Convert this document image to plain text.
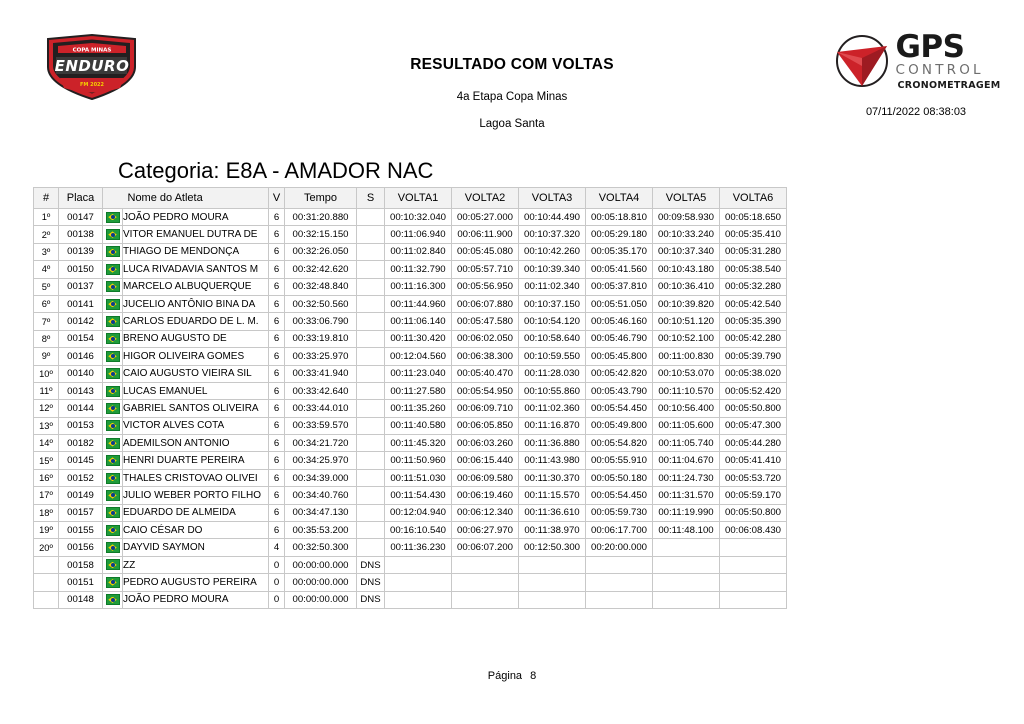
COPA MINAS
ENDURO
FM 2022
RESULTADO COM VOLTAS
4a Etapa Copa Minas
Lagoa Santa
GPS
CONTROL
CRONOMETRAGEM
07/11/2022 08:38:03
Categoria: E8A - AMADOR NAC
#	Placa		Nome do Atleta	V	Tempo	S	VOLTA1	VOLTA2	VOLTA3	VOLTA4	VOLTA5	VOLTA6
1º	00147		JOÃO PEDRO MOURA	6	00:31:20.880		00:10:32.040	00:05:27.000	00:10:44.490	00:05:18.810	00:09:58.930	00:05:18.650
2º	00138		VITOR EMANUEL DUTRA DE	6	00:32:15.150		00:11:06.940	00:06:11.900	00:10:37.320	00:05:29.180	00:10:33.240	00:05:35.410
3º	00139		THIAGO DE MENDONÇA	6	00:32:26.050		00:11:02.840	00:05:45.080	00:10:42.260	00:05:35.170	00:10:37.340	00:05:31.280
4º	00150		LUCA RIVADAVIA SANTOS M	6	00:32:42.620		00:11:32.790	00:05:57.710	00:10:39.340	00:05:41.560	00:10:43.180	00:05:38.540
5º	00137		MARCELO ALBUQUERQUE	6	00:32:48.840		00:11:16.300	00:05:56.950	00:11:02.340	00:05:37.810	00:10:36.410	00:05:32.280
6º	00141		JUCELIO ANTÔNIO BINA DA	6	00:32:50.560		00:11:44.960	00:06:07.880	00:10:37.150	00:05:51.050	00:10:39.820	00:05:42.540
7º	00142		CARLOS EDUARDO DE L. M.	6	00:33:06.790		00:11:06.140	00:05:47.580	00:10:54.120	00:05:46.160	00:10:51.120	00:05:35.390
8º	00154		BRENO AUGUSTO DE	6	00:33:19.810		00:11:30.420	00:06:02.050	00:10:58.640	00:05:46.790	00:10:52.100	00:05:42.280
9º	00146		HIGOR OLIVEIRA GOMES	6	00:33:25.970		00:12:04.560	00:06:38.300	00:10:59.550	00:05:45.800	00:11:00.830	00:05:39.790
10º	00140		CAIO AUGUSTO VIEIRA SIL	6	00:33:41.940		00:11:23.040	00:05:40.470	00:11:28.030	00:05:42.820	00:10:53.070	00:05:38.020
11º	00143		LUCAS EMANUEL	6	00:33:42.640		00:11:27.580	00:05:54.950	00:10:55.860	00:05:43.790	00:11:10.570	00:05:52.420
12º	00144		GABRIEL SANTOS OLIVEIRA	6	00:33:44.010		00:11:35.260	00:06:09.710	00:11:02.360	00:05:54.450	00:10:56.400	00:05:50.800
13º	00153		VICTOR ALVES COTA	6	00:33:59.570		00:11:40.580	00:06:05.850	00:11:16.870	00:05:49.800	00:11:05.600	00:05:47.300
14º	00182		ADEMILSON ANTONIO	6	00:34:21.720		00:11:45.320	00:06:03.260	00:11:36.880	00:05:54.820	00:11:05.740	00:05:44.280
15º	00145		HENRI DUARTE PEREIRA	6	00:34:25.970		00:11:50.960	00:06:15.440	00:11:43.980	00:05:55.910	00:11:04.670	00:05:41.410
16º	00152		THALES CRISTOVAO OLIVEI	6	00:34:39.000		00:11:51.030	00:06:09.580	00:11:30.370	00:05:50.180	00:11:24.730	00:05:53.720
17º	00149		JULIO WEBER PORTO FILHO	6	00:34:40.760		00:11:54.430	00:06:19.460	00:11:15.570	00:05:54.450	00:11:31.570	00:05:59.170
18º	00157		EDUARDO DE ALMEIDA	6	00:34:47.130		00:12:04.940	00:06:12.340	00:11:36.610	00:05:59.730	00:11:19.990	00:05:50.800
19º	00155		CAIO CÉSAR DO	6	00:35:53.200		00:16:10.540	00:06:27.970	00:11:38.970	00:06:17.700	00:11:48.100	00:06:08.430
20º	00156		DAYVID SAYMON	4	00:32:50.300		00:11:36.230	00:06:07.200	00:12:50.300	00:20:00.000		
	00158		ZZ	0	00:00:00.000	DNS						
	00151		PEDRO AUGUSTO PEREIRA	0	00:00:00.000	DNS						
	00148		JOÃO PEDRO MOURA	0	00:00:00.000	DNS						
Página 8
